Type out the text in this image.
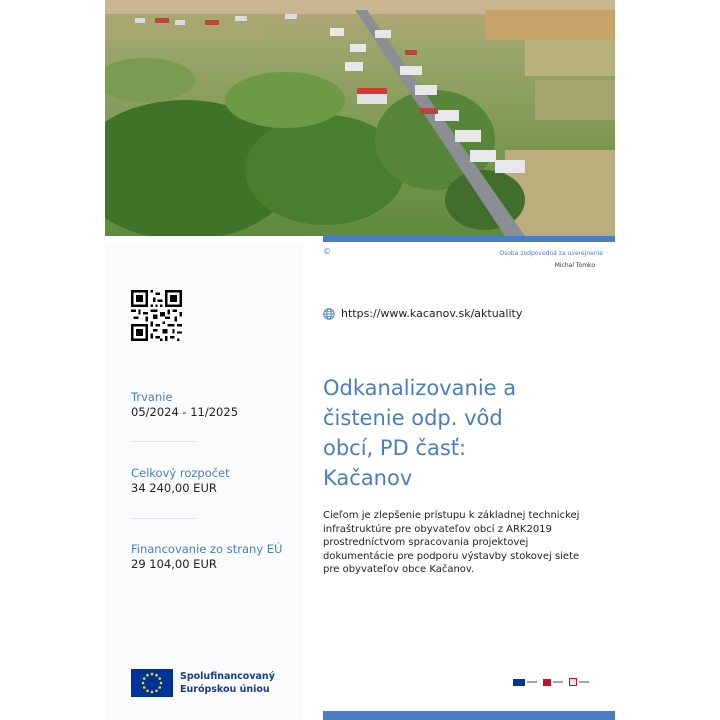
©	Osoba zodpovedná za uverejnenie
Michal Tomko
https://www.kacanov.sk/aktuality
Trvanie
05/2024 - 11/2025
Celkový rozpočet
34 240,00 EUR
Financovanie zo strany EÚ
29 104,00 EUR
Odkanalizovanie a
čistenie odp. vôd
obcí, PD časť:
Kačanov
Cieľom je zlepšenie prístupu k základnej technickej
infraštruktúre pre obyvateľov obcí z ARK2019
prostredníctvom spracovania projektovej
dokumentácie pre podporu výstavby stokovej siete
pre obyvateľov obce Kačanov.
Spolufinancovaný
Európskou úniou
